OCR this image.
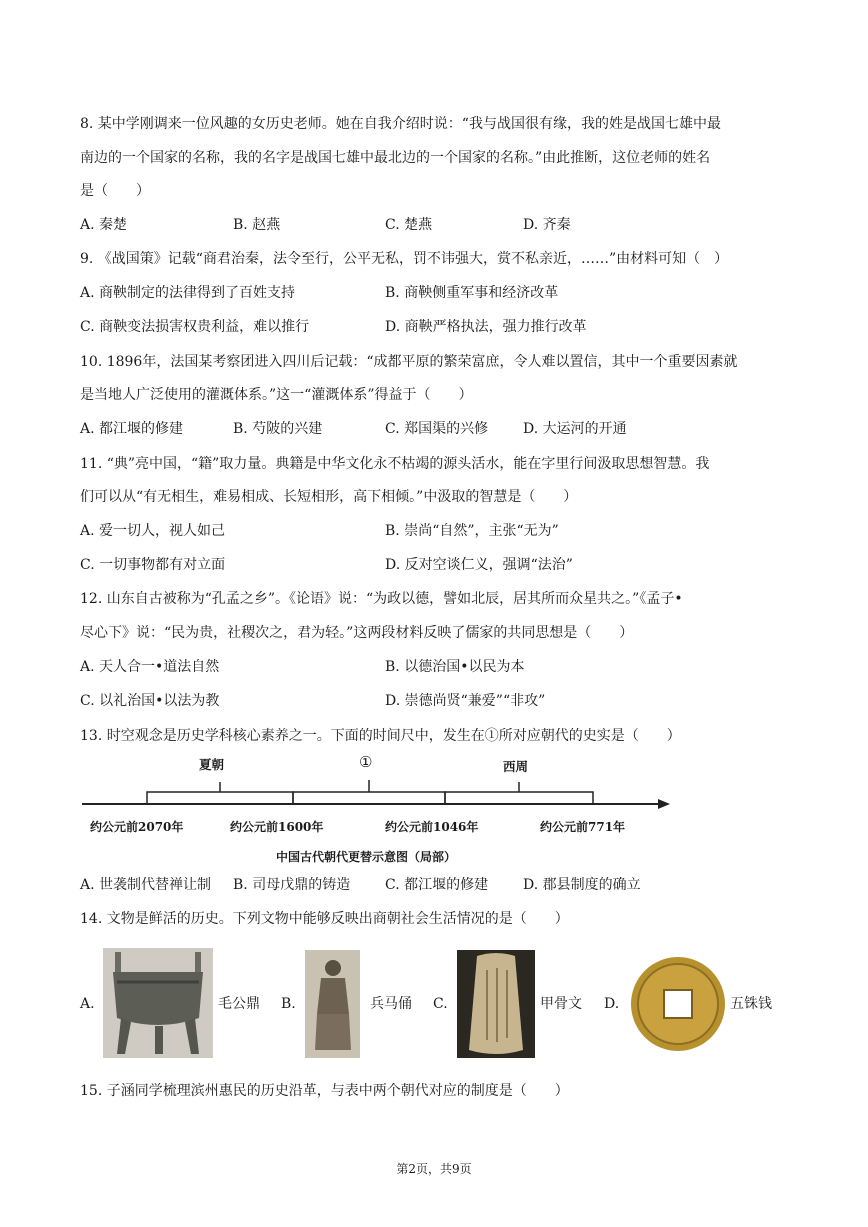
8. 某中学刚调来一位风趣的女历史老师。她在自我介绍时说：“我与战国很有缘，我的姓是战国七雄中最
南边的一个国家的名称，我的名字是战国七雄中最北边的一个国家的名称。”由此推断，这位老师的姓名
是（　　）
A. 秦楚	B. 赵燕	C. 楚燕	D. 齐秦
9. 《战国策》记载“商君治秦，法令至行，公平无私，罚不讳强大，赏不私亲近，……”由材料可知（　）
A. 商鞅制定的法律得到了百姓支持	B. 商鞅侧重军事和经济改革
C. 商鞅变法损害权贵利益，难以推行	D. 商鞅严格执法，强力推行改革
10. 1896年，法国某考察团进入四川后记载：“成都平原的繁荣富庶，令人难以置信，其中一个重要因素就
是当地人广泛使用的灌溉体系。”这一“灌溉体系”得益于（　　）
A. 都江堰的修建	B. 芍陂的兴建	C. 郑国渠的兴修 D. 大运河的开通
11. “典”亮中国，“籍”取力量。典籍是中华文化永不枯竭的源头活水，能在字里行间汲取思想智慧。我
们可以从“有无相生，难易相成、长短相形，高下相倾。”中汲取的智慧是（　　）
A. 爱一切人，视人如己	B. 崇尚“自然”，主张“无为”
C. 一切事物都有对立面	D. 反对空谈仁义，强调“法治”
12. 山东自古被称为“孔孟之乡”。《论语》说：“为政以德，譬如北辰，居其所而众星共之。”《孟子•
尽心下》说：“民为贵，社稷次之，君为轻。”这两段材料反映了儒家的共同思想是（　　）
A. 天人合一•道法自然	B. 以德治国•以民为本
C. 以礼治国•以法为教	D. 崇德尚贤“兼爱”“非攻”
13. 时空观念是历史学科核心素养之一。下面的时间尺中，发生在①所对应朝代的史实是（　　）
夏朝	①	西周
约公元前2070年	约公元前1600年	约公元前1046年	约公元前771年
中国古代朝代更替示意图（局部）
A. 世袭制代替禅让制 B. 司母戊鼎的铸造 C. 都江堰的修建 D. 郡县制度的确立
14. 文物是鲜活的历史。下列文物中能够反映出商朝社会生活情况的是（　　）
A.	毛公鼎 B.	兵马俑 C.	甲骨文 D.	五铢钱
15. 子涵同学梳理滨州惠民的历史沿革，与表中两个朝代对应的制度是（　　）
第2页，共9页
